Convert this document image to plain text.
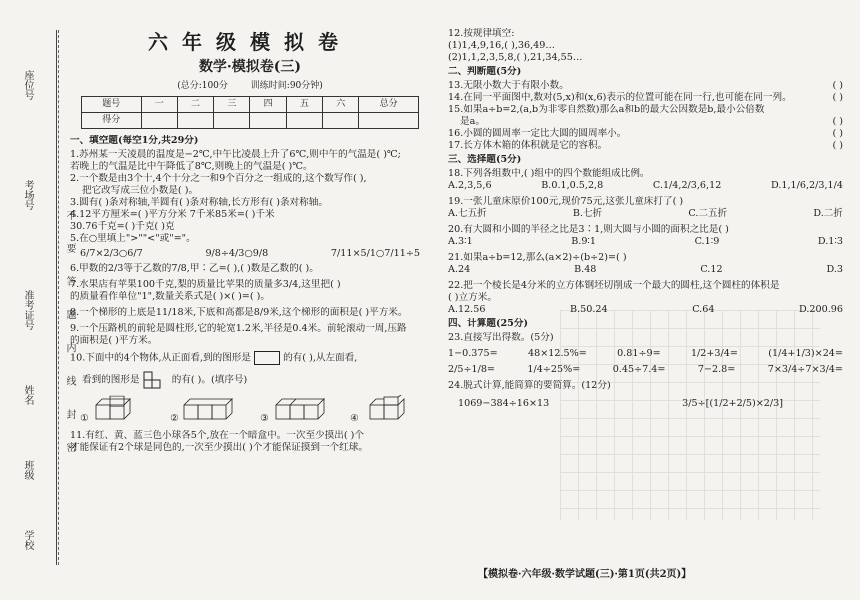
座位号
考场号
准考证号
姓名
班级
学校
不 要 答 题 内 线 封 密
六年级模拟卷
数学·模拟卷(三)
(总分:100分	训练时间:90分钟)
题号	一	二	三	四	五	六	总分
得分							
一、填空题(每空1分,共29分)
1.苏州某一天凌晨的温度是−2℃,中午比凌晨上升了6℃,则中午的气温是( )℃;
若晚上的气温是比中午降低了8℃,则晚上的气温是( )℃。
2.一个数是由3个十,4个十分之一和9个百分之一组成的,这个数写作( ),
把它改写成三位小数是( )。
3.圆有( )条对称轴,半圆有( )条对称轴,长方形有( )条对称轴。
4.12平方厘米=( )平方分米 7千米85米=( )千米
30.76千克=( )千克( )克
5.在○里填上">""<"或"="。
6/7×2/3○6/7	9/8÷4/3○9/8	7/11×5/1○7/11÷5
6.甲数的2/3等于乙数的7/8,甲∶乙=( ),( )数是乙数的( )。
7.水果店有苹果100千克,梨的质量比苹果的质量多3/4,这里把( )
的质量看作单位"1",数量关系式是( )×( )=( )。
8.一个梯形的上底是11/18米,下底和高都是8/9米,这个梯形的面积是( )平方米。
9.一个压路机的前轮是圆柱形,它的轮宽1.2米,半径是0.4米。前轮滚动一周,压路
的面积是( )平方米。
10.下面中的4个物体,从正面看,到的图形是	的有( ),从左面看,
看到的图形是	的有( )。(填序号)
①	②	③	④
11.有红、黄、蓝三色小球各5个,放在一个暗盒中。一次至少摸出( )个
才能保证有2个球是同色的,一次至少摸出( )个才能保证摸到一个红球。
12.按规律填空:
(1)1,4,9,16,( ),36,49…
(2)1,1,2,3,5,8,( ),21,34,55…
二、判断题(5分)
13.无限小数大于有限小数。	( )
14.在同一平面图中,数对(5,x)和(x,6)表示的位置可能在同一行,也可能在同一列。	( )
15.如果a÷b=2,(a,b为非零自然数)那么a和b的最大公因数是b,最小公倍数
是a。	( )
16.小圆的圆周率一定比大圆的圆周率小。	( )
17.长方体木箱的体积就是它的容积。	( )
三、选择题(5分)
18.下列各组数中,( )组中的四个数能组成比例。
A.2,3,5,6	B.0.1,0.5,2,8	C.1/4,2/3,6,12	D.1,1/6,2/3,1/4
19.一张儿童床原价100元,现价75元,这张儿童床打了( )
A.七五折	B.七折	C.二五折	D.二折
20.有大圆和小圆的半径之比是3∶1,则大圆与小圆的面积之比是( )
A.3∶1	B.9∶1	C.1∶9	D.1∶3
21.如果a÷b=12,那么(a×2)÷(b÷2)=( )
A.24	B.48	C.12	D.3
22.把一个棱长是4分米的立方体钢坯切削成一个最大的圆柱,这个圆柱的体积是
( )立方米。
A.12.56	B.50.24	C.64	D.200.96
四、计算题(25分)
23.直接写出得数。(5分)
1−0.375=	48×12.5%=	0.81÷9=	1/2+3/4=	(1/4+1/3)×24=
2/5÷1/8=	1/4÷25%=	0.45÷7.4=	7−2.8=	7×3/4÷7×3/4=
24.脱式计算,能简算的要简算。(12分)
1069−384÷16×13	3/5÷[(1/2+2/5)×2/3]
【模拟卷·六年级·数学试题(三)·第1页(共2页)】
